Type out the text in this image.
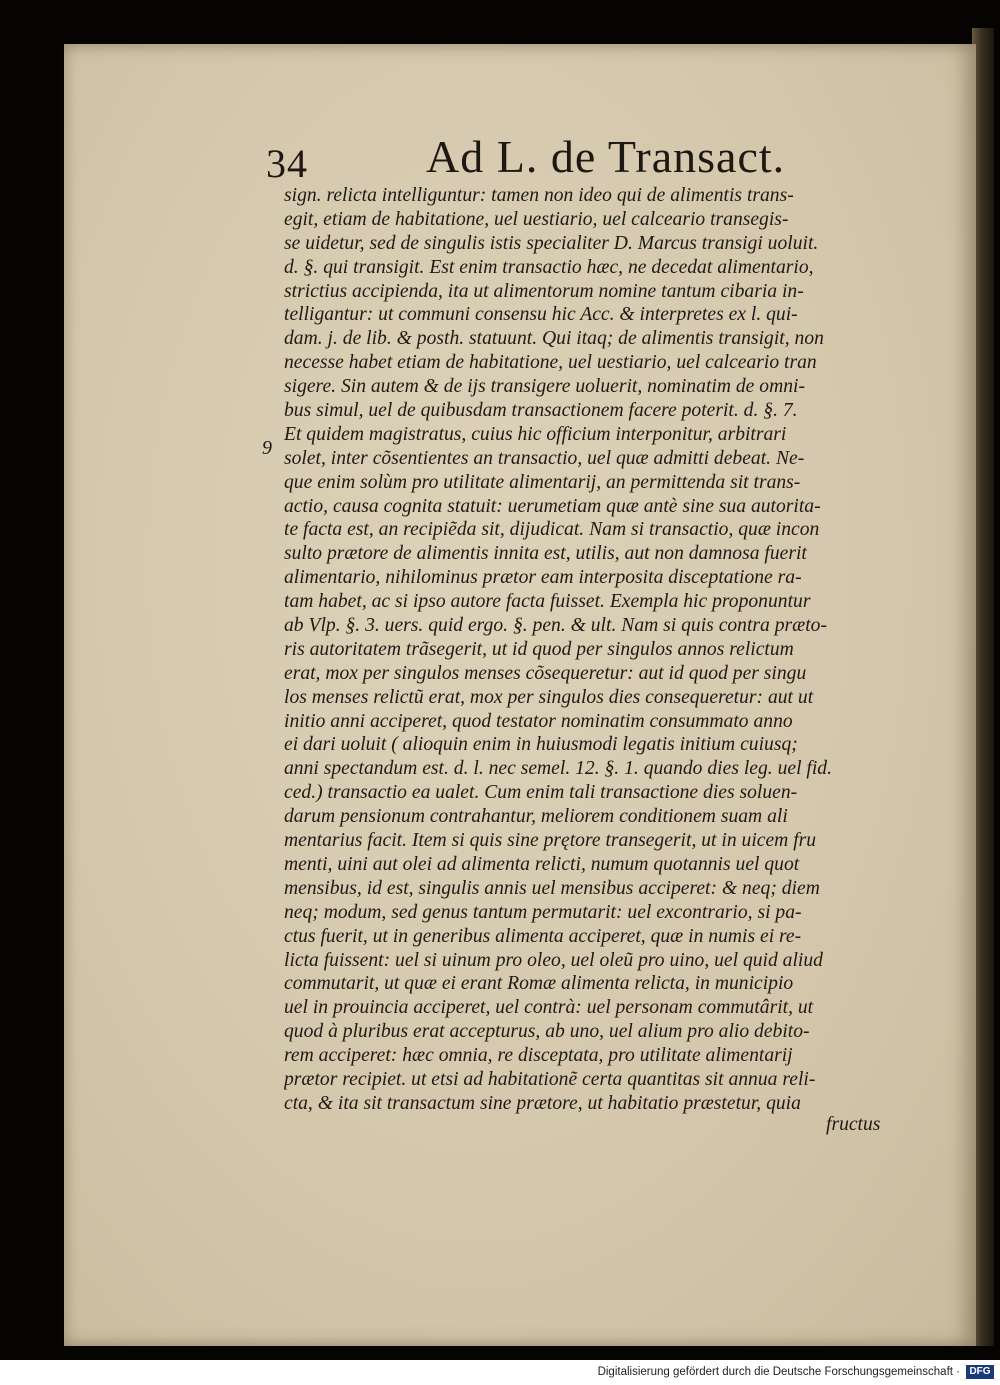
34	Ad L. de Transact.
9
sign. relicta intelliguntur: tamen non ideo qui de alimentis trans-
egit, etiam de habitatione, uel uestiario, uel calceario transegis-
se uidetur, sed de singulis istis specialiter D. Marcus transigi uoluit.
d. §. qui transigit. Est enim transactio hæc, ne decedat alimentario,
strictius accipienda, ita ut alimentorum nomine tantum cibaria in-
telligantur: ut communi consensu hic Acc. & interpretes ex l. qui-
dam. j. de lib. & posth. statuunt. Qui itaq; de alimentis transigit, non
necesse habet etiam de habitatione, uel uestiario, uel calceario tran
sigere. Sin autem & de ijs transigere uoluerit, nominatim de omni-
bus simul, uel de quibusdam transactionem facere poterit. d. §. 7.
Et quidem magistratus, cuius hic officium interponitur, arbitrari
solet, inter cõsentientes an transactio, uel quæ admitti debeat. Ne-
que enim solùm pro utilitate alimentarij, an permittenda sit trans-
actio, causa cognita statuit: uerumetiam quæ antè sine sua autorita-
te facta est, an recipiẽda sit, dijudicat. Nam si transactio, quæ incon
sulto prætore de alimentis innita est, utilis, aut non damnosa fuerit
alimentario, nihilominus prætor eam interposita disceptatione ra-
tam habet, ac si ipso autore facta fuisset. Exempla hic proponuntur
ab Vlp. §. 3. uers. quid ergo. §. pen. & ult. Nam si quis contra præto-
ris autoritatem trãsegerit, ut id quod per singulos annos relictum
erat, mox per singulos menses cõsequeretur: aut id quod per singu
los menses relictũ erat, mox per singulos dies consequeretur: aut ut
initio anni acciperet, quod testator nominatim consummato anno
ei dari uoluit ( alioquin enim in huiusmodi legatis initium cuiusq;
anni spectandum est. d. l. nec semel. 12. §. 1. quando dies leg. uel fid.
ced.) transactio ea ualet. Cum enim tali transactione dies soluen-
darum pensionum contrahantur, meliorem conditionem suam ali
mentarius facit. Item si quis sine prętore transegerit, ut in uicem fru
menti, uini aut olei ad alimenta relicti, numum quotannis uel quot
mensibus, id est, singulis annis uel mensibus acciperet: & neq; diem
neq; modum, sed genus tantum permutarit: uel excontrario, si pa-
ctus fuerit, ut in generibus alimenta acciperet, quæ in numis ei re-
licta fuissent: uel si uinum pro oleo, uel oleũ pro uino, uel quid aliud
commutarit, ut quæ ei erant Romæ alimenta relicta, in municipio
uel in prouincia acciperet, uel contrà: uel personam commutârit, ut
quod à pluribus erat accepturus, ab uno, uel alium pro alio debito-
rem acciperet: hæc omnia, re disceptata, pro utilitate alimentarij
prætor recipiet. ut etsi ad habitationẽ certa quantitas sit annua reli-
cta, & ita sit transactum sine prætore, ut habitatio præstetur, quia
fructus
Digitalisierung gefördert durch die Deutsche Forschungsgemeinschaft · DFG
